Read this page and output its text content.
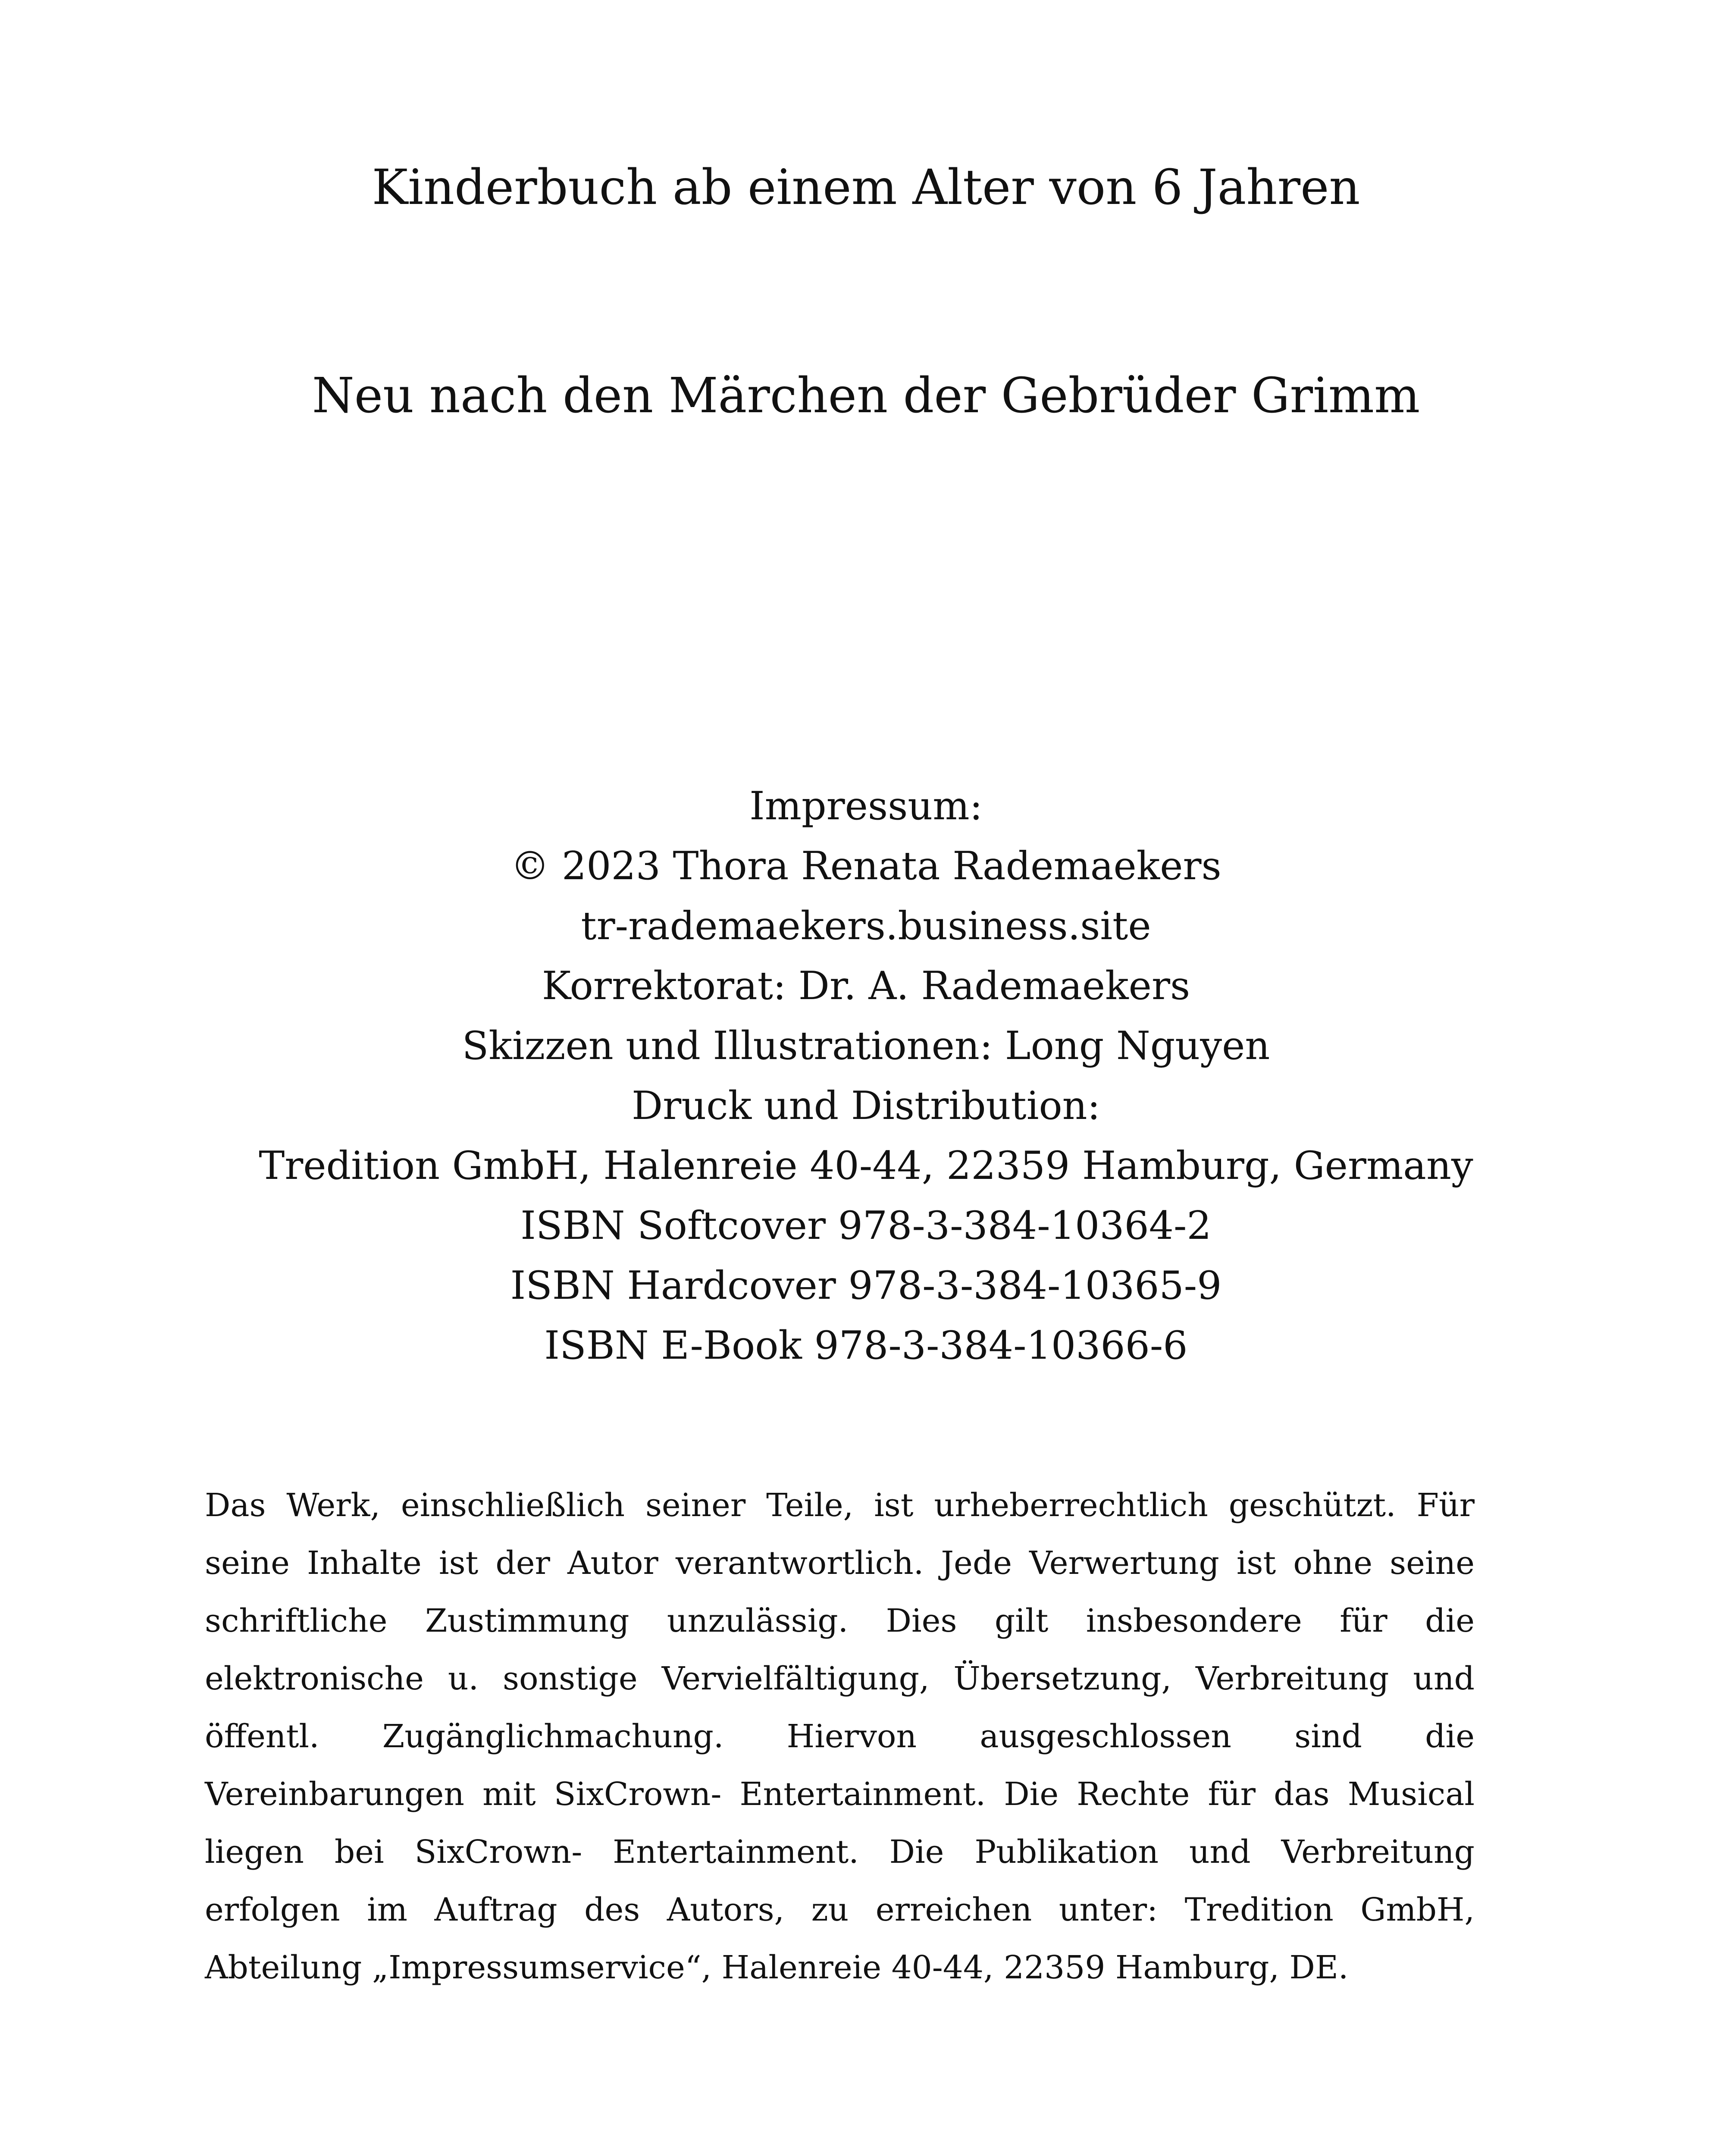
Kinderbuch ab einem Alter von 6 Jahren
Neu nach den Märchen der Gebrüder Grimm
Impressum:
© 2023 Thora Renata Rademaekers
tr-rademaekers.business.site
Korrektorat: Dr. A. Rademaekers
Skizzen und Illustrationen: Long Nguyen
Druck und Distribution:
Tredition GmbH, Halenreie 40-44, 22359 Hamburg, Germany
ISBN Softcover 978-3-384-10364-2
ISBN Hardcover 978-3-384-10365-9
ISBN E-Book 978-3-384-10366-6

Das Werk, einschließlich seiner Teile, ist urheberrechtlich geschützt. Für seine Inhalte ist der Autor verantwortlich. Jede Verwertung ist ohne seine schriftliche Zustimmung unzulässig. Dies gilt insbesondere für die elektronische u. sonstige Vervielfältigung, Übersetzung, Verbreitung und öffentl. Zugänglichmachung. Hiervon ausgeschlossen sind die Vereinbarungen mit SixCrown- Entertainment. Die Rechte für das Musical liegen bei SixCrown- Entertainment. Die Publikation und Verbreitung erfolgen im Auftrag des Autors, zu erreichen unter: Tredition GmbH, Abteilung „Impressumservice“, Halenreie 40-44, 22359 Hamburg, DE.
